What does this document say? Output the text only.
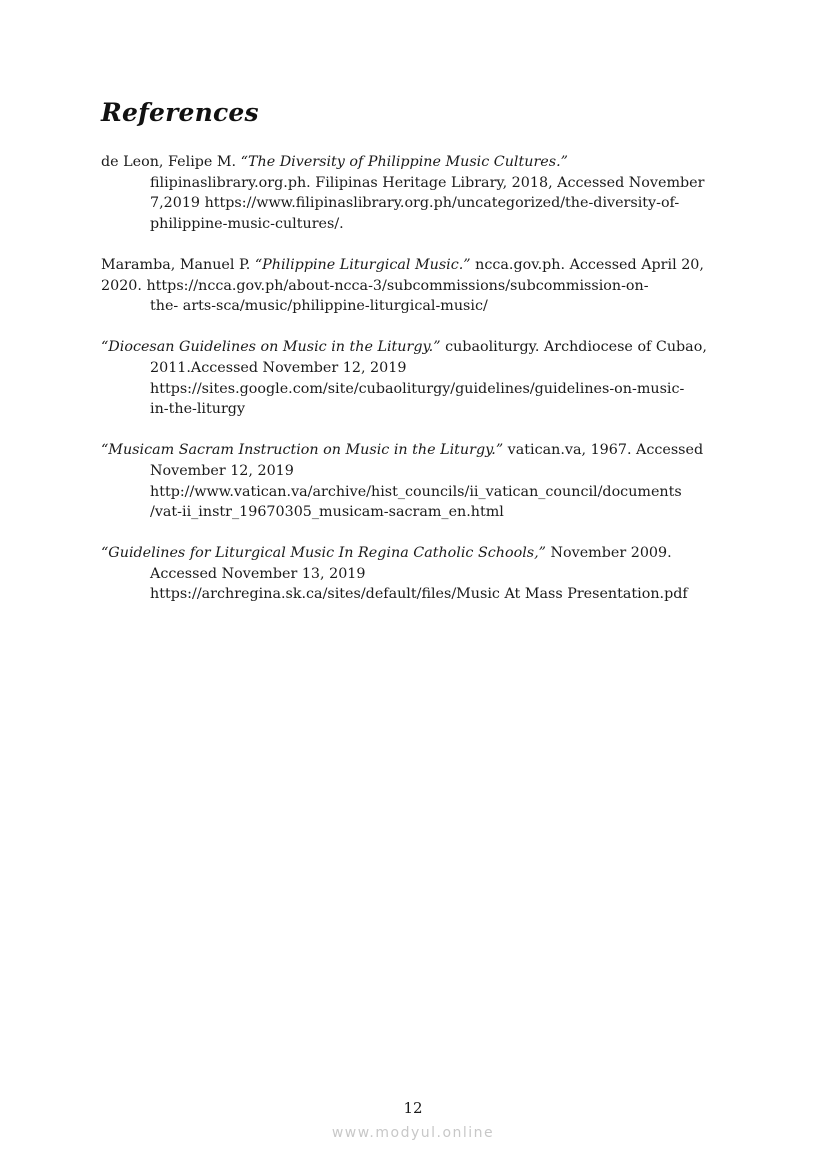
References
de Leon, Felipe M. “The Diversity of Philippine Music Cultures.”
filipinaslibrary.org.ph. Filipinas Heritage Library, 2018, Accessed November
7,2019 https://www.filipinaslibrary.org.ph/uncategorized/the-diversity-of-
philippine-music-cultures/.
Maramba, Manuel P. “Philippine Liturgical Music.” ncca.gov.ph. Accessed April 20,
2020. https://ncca.gov.ph/about-ncca-3/subcommissions/subcommission-on-
the- arts-sca/music/philippine-liturgical-music/
“Diocesan Guidelines on Music in the Liturgy.” cubaoliturgy. Archdiocese of Cubao,
2011.Accessed November 12, 2019
https://sites.google.com/site/cubaoliturgy/guidelines/guidelines-on-music-
in-the-liturgy
“Musicam Sacram Instruction on Music in the Liturgy.” vatican.va, 1967. Accessed
November 12, 2019
http://www.vatican.va/archive/hist_councils/ii_vatican_council/documents
/vat-ii_instr_19670305_musicam-sacram_en.html
“Guidelines for Liturgical Music In Regina Catholic Schools,” November 2009.
Accessed November 13, 2019
https://archregina.sk.ca/sites/default/files/Music At Mass Presentation.pdf
12
www.modyul.online
